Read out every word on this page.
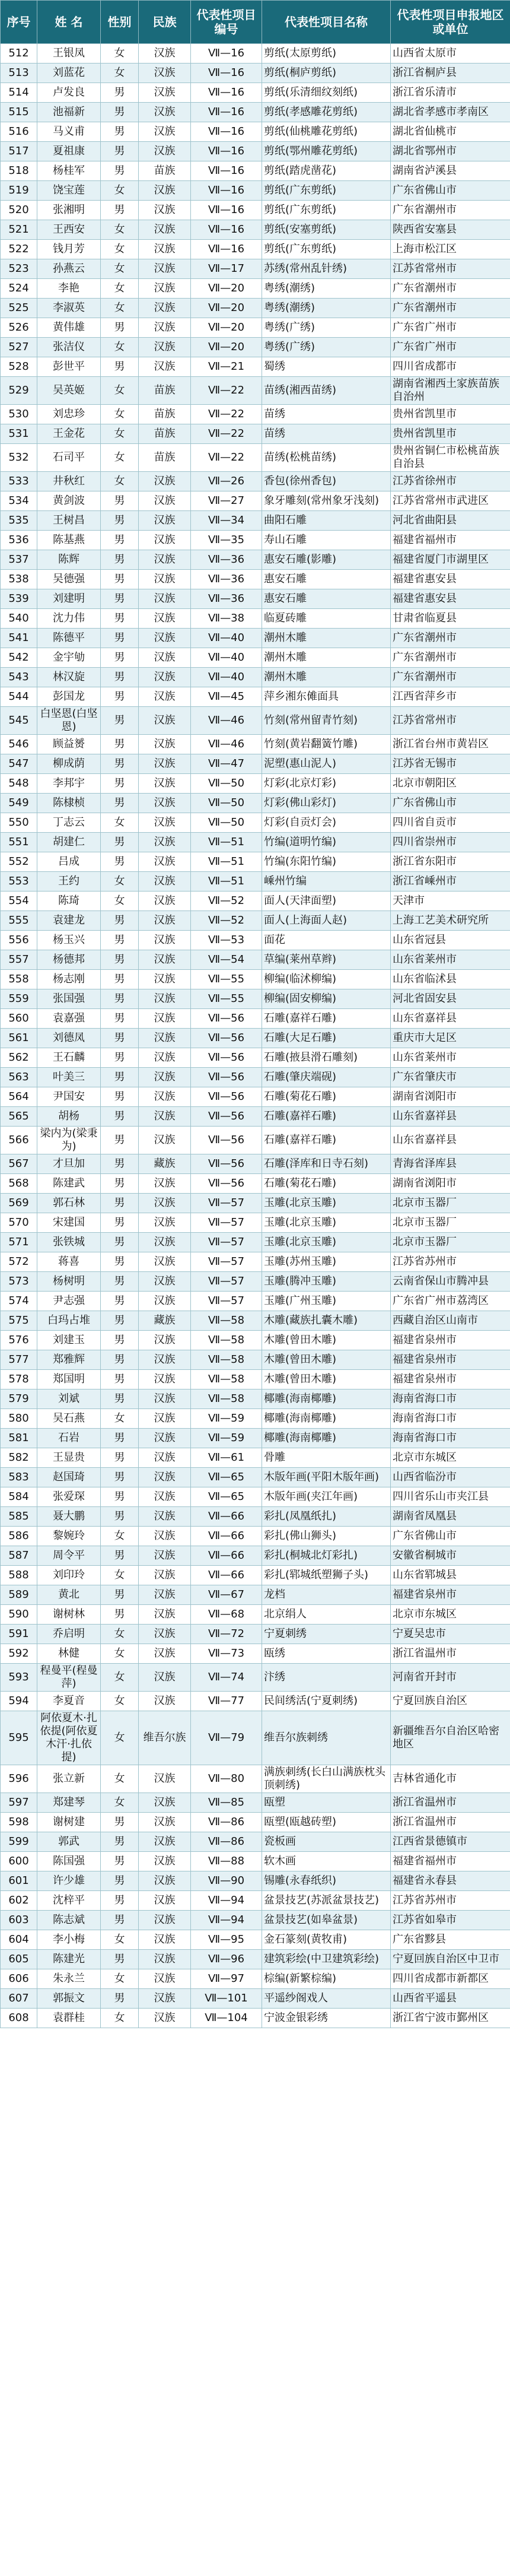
序号	姓 名	性别	民族	代表性项目编号	代表性项目名称	代表性项目申报地区或单位
512	王银凤	女	汉族	Ⅶ—16	剪纸(太原剪纸)	山西省太原市
513	刘蓝花	女	汉族	Ⅶ—16	剪纸(桐庐剪纸)	浙江省桐庐县
514	卢发良	男	汉族	Ⅶ—16	剪纸(乐清细纹刻纸)	浙江省乐清市
515	池福新	男	汉族	Ⅶ—16	剪纸(孝感雕花剪纸)	湖北省孝感市孝南区
516	马义甫	男	汉族	Ⅶ—16	剪纸(仙桃雕花剪纸)	湖北省仙桃市
517	夏祖康	男	汉族	Ⅶ—16	剪纸(鄂州雕花剪纸)	湖北省鄂州市
518	杨桂军	男	苗族	Ⅶ—16	剪纸(踏虎凿花)	湖南省泸溪县
519	饶宝莲	女	汉族	Ⅶ—16	剪纸(广东剪纸)	广东省佛山市
520	张湘明	男	汉族	Ⅶ—16	剪纸(广东剪纸)	广东省潮州市
521	王西安	女	汉族	Ⅶ—16	剪纸(安塞剪纸)	陕西省安塞县
522	钱月芳	女	汉族	Ⅶ—16	剪纸(广东剪纸)	上海市松江区
523	孙燕云	女	汉族	Ⅶ—17	苏绣(常州乱针绣)	江苏省常州市
524	李艳	女	汉族	Ⅶ—20	粤绣(潮绣)	广东省潮州市
525	李淑英	女	汉族	Ⅶ—20	粤绣(潮绣)	广东省潮州市
526	黄伟雄	男	汉族	Ⅶ—20	粤绣(广绣)	广东省广州市
527	张洁仪	女	汉族	Ⅶ—20	粤绣(广绣)	广东省广州市
528	彭世平	男	汉族	Ⅶ—21	蜀绣	四川省成都市
529	吴英姬	女	苗族	Ⅶ—22	苗绣(湘西苗绣)	湖南省湘西土家族苗族自治州
530	刘忠珍	女	苗族	Ⅶ—22	苗绣	贵州省凯里市
531	王金花	女	苗族	Ⅶ—22	苗绣	贵州省凯里市
532	石司平	女	苗族	Ⅶ—22	苗绣(松桃苗绣)	贵州省铜仁市松桃苗族自治县
533	井秋红	女	汉族	Ⅶ—26	香包(徐州香包)	江苏省徐州市
534	黄剑波	男	汉族	Ⅶ—27	象牙雕刻(常州象牙浅刻)	江苏省常州市武进区
535	王树昌	男	汉族	Ⅶ—34	曲阳石雕	河北省曲阳县
536	陈基燕	男	汉族	Ⅶ—35	寿山石雕	福建省福州市
537	陈辉	男	汉族	Ⅶ—36	惠安石雕(影雕)	福建省厦门市湖里区
538	吴德强	男	汉族	Ⅶ—36	惠安石雕	福建省惠安县
539	刘建明	男	汉族	Ⅶ—36	惠安石雕	福建省惠安县
540	沈力伟	男	汉族	Ⅶ—38	临夏砖雕	甘肃省临夏县
541	陈德平	男	汉族	Ⅶ—40	潮州木雕	广东省潮州市
542	金宇劬	男	汉族	Ⅶ—40	潮州木雕	广东省潮州市
543	林汉旋	男	汉族	Ⅶ—40	潮州木雕	广东省潮州市
544	彭国龙	男	汉族	Ⅶ—45	萍乡湘东傩面具	江西省萍乡市
545	白坚恩(白坚恩)	男	汉族	Ⅶ—46	竹刻(常州留青竹刻)	江苏省常州市
546	顾益赟	男	汉族	Ⅶ—46	竹刻(黄岩翻簧竹雕)	浙江省台州市黄岩区
547	柳成荫	男	汉族	Ⅶ—47	泥塑(惠山泥人)	江苏省无锡市
548	李邦宇	男	汉族	Ⅶ—50	灯彩(北京灯彩)	北京市朝阳区
549	陈棣桢	男	汉族	Ⅶ—50	灯彩(佛山彩灯)	广东省佛山市
550	丁志云	女	汉族	Ⅶ—50	灯彩(自贡灯会)	四川省自贡市
551	胡建仁	男	汉族	Ⅶ—51	竹编(道明竹编)	四川省崇州市
552	吕成	男	汉族	Ⅶ—51	竹编(东阳竹编)	浙江省东阳市
553	王约	女	汉族	Ⅶ—51	嵊州竹编	浙江省嵊州市
554	陈琦	女	汉族	Ⅶ—52	面人(天津面塑)	天津市
555	袁建龙	男	汉族	Ⅶ—52	面人(上海面人赵)	上海工艺美术研究所
556	杨玉兴	男	汉族	Ⅶ—53	面花	山东省冠县
557	杨德邦	男	汉族	Ⅶ—54	草编(莱州草辫)	山东省莱州市
558	杨志刚	男	汉族	Ⅶ—55	柳编(临沭柳编)	山东省临沭县
559	张国强	男	汉族	Ⅶ—55	柳编(固安柳编)	河北省固安县
560	袁嘉强	男	汉族	Ⅶ—56	石雕(嘉祥石雕)	山东省嘉祥县
561	刘德凤	男	汉族	Ⅶ—56	石雕(大足石雕)	重庆市大足区
562	王石麟	男	汉族	Ⅶ—56	石雕(掖县滑石雕刻)	山东省莱州市
563	叶美三	男	汉族	Ⅶ—56	石雕(肇庆端砚)	广东省肇庆市
564	尹国安	男	汉族	Ⅶ—56	石雕(菊花石雕)	湖南省浏阳市
565	胡杨	男	汉族	Ⅶ—56	石雕(嘉祥石雕)	山东省嘉祥县
566	梁内为(梁秉为)	男	汉族	Ⅶ—56	石雕(嘉祥石雕)	山东省嘉祥县
567	才旦加	男	藏族	Ⅶ—56	石雕(泽库和日寺石刻)	青海省泽库县
568	陈建武	男	汉族	Ⅶ—56	石雕(菊花石雕)	湖南省浏阳市
569	郭石林	男	汉族	Ⅶ—57	玉雕(北京玉雕)	北京市玉器厂
570	宋建国	男	汉族	Ⅶ—57	玉雕(北京玉雕)	北京市玉器厂
571	张铁城	男	汉族	Ⅶ—57	玉雕(北京玉雕)	北京市玉器厂
572	蒋喜	男	汉族	Ⅶ—57	玉雕(苏州玉雕)	江苏省苏州市
573	杨树明	男	汉族	Ⅶ—57	玉雕(腾冲玉雕)	云南省保山市腾冲县
574	尹志强	男	汉族	Ⅶ—57	玉雕(广州玉雕)	广东省广州市荔湾区
575	白玛占堆	男	藏族	Ⅶ—58	木雕(藏族扎囊木雕)	西藏自治区山南市
576	刘建玉	男	汉族	Ⅶ—58	木雕(曾田木雕)	福建省泉州市
577	郑雅辉	男	汉族	Ⅶ—58	木雕(曾田木雕)	福建省泉州市
578	郑国明	男	汉族	Ⅶ—58	木雕(曾田木雕)	福建省泉州市
579	刘斌	男	汉族	Ⅶ—58	椰雕(海南椰雕)	海南省海口市
580	吴石燕	女	汉族	Ⅶ—59	椰雕(海南椰雕)	海南省海口市
581	石岩	男	汉族	Ⅶ—59	椰雕(海南椰雕)	海南省海口市
582	王显贵	男	汉族	Ⅶ—61	骨雕	北京市东城区
583	赵国琦	男	汉族	Ⅶ—65	木版年画(平阳木版年画)	山西省临汾市
584	张爱琛	男	汉族	Ⅶ—65	木版年画(夹江年画)	四川省乐山市夹江县
585	聂大鹏	男	汉族	Ⅶ—66	彩扎(凤凰纸扎)	湖南省凤凰县
586	黎婉玲	女	汉族	Ⅶ—66	彩扎(佛山狮头)	广东省佛山市
587	周令平	男	汉族	Ⅶ—66	彩扎(桐城北灯彩扎)	安徽省桐城市
588	刘印玲	女	汉族	Ⅶ—66	彩扎(郓城纸塑狮子头)	山东省郓城县
589	黄北	男	汉族	Ⅶ—67	龙档	福建省泉州市
590	谢树林	男	汉族	Ⅶ—68	北京绢人	北京市东城区
591	乔启明	女	汉族	Ⅶ—72	宁夏刺绣	宁夏吴忠市
592	林健	女	汉族	Ⅶ—73	瓯绣	浙江省温州市
593	程曼平(程曼萍)	女	汉族	Ⅶ—74	汴绣	河南省开封市
594	李夏音	女	汉族	Ⅶ—77	民间绣活(宁夏刺绣)	宁夏回族自治区
595	阿依夏木·扎依提(阿依夏木汗·扎依提)	女	维吾尔族	Ⅶ—79	维吾尔族刺绣	新疆维吾尔自治区哈密地区
596	张立新	女	汉族	Ⅶ—80	满族刺绣(长白山满族枕头顶刺绣)	吉林省通化市
597	郑建琴	女	汉族	Ⅶ—85	瓯塑	浙江省温州市
598	谢树建	男	汉族	Ⅶ—86	瓯塑(瓯越砖塑)	浙江省温州市
599	郭武	男	汉族	Ⅶ—86	瓷板画	江西省景德镇市
600	陈国强	男	汉族	Ⅶ—88	软木画	福建省福州市
601	许少雄	男	汉族	Ⅶ—90	锡雕(永春纸织)	福建省永春县
602	沈梓平	男	汉族	Ⅶ—94	盆景技艺(苏派盆景技艺)	江苏省苏州市
603	陈志斌	男	汉族	Ⅶ—94	盆景技艺(如皋盆景)	江苏省如皋市
604	李小梅	女	汉族	Ⅶ—95	金石篆刻(黄牧甫)	广东省黟县
605	陈建光	男	汉族	Ⅶ—96	建筑彩绘(中卫建筑彩绘)	宁夏回族自治区中卫市
606	朱永兰	女	汉族	Ⅶ—97	棕编(新繁棕编)	四川省成都市新都区
607	郭振文	男	汉族	Ⅶ—101	平遥纱阁戏人	山西省平遥县
608	袁群桂	女	汉族	Ⅶ—104	宁波金银彩绣	浙江省宁波市鄞州区
